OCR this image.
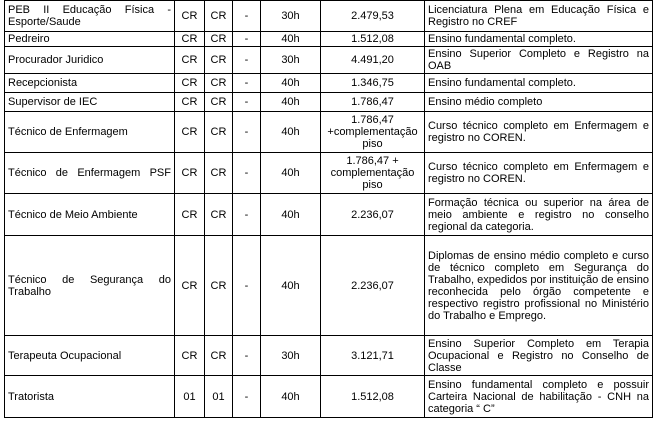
PEB II Educação Física - Esporte/Saude	CR	CR	-	30h	2.479,53	Licenciatura Plena em Educação Física e Registro no CREF
Pedreiro	CR	CR	-	40h	1.512,08	Ensino fundamental completo.
Procurador Juridico	CR	CR	-	30h	4.491,20	Ensino Superior Completo e Registro na OAB
Recepcionista	CR	CR	-	40h	1.346,75	Ensino fundamental completo.
Supervisor de IEC	CR	CR	-	40h	1.786,47	Ensino médio completo
Técnico de Enfermagem	CR	CR	-	40h	1.786,47 +complementação piso	Curso técnico completo em Enfermagem e registro no COREN.
Técnico de Enfermagem PSF	CR	CR	-	40h	1.786,47 + complementação piso	Curso técnico completo em Enfermagem e registro no COREN.
Técnico de Meio Ambiente	CR	CR	-	40h	2.236,07	Formação técnica ou superior na área de meio ambiente e registro no conselho regional da categoria.
Técnico de Segurança do Trabalho	CR	CR	-	40h	2.236,07	Diplomas de ensino médio completo e curso de técnico completo em Segurança do Trabalho, expedidos por instituição de ensino reconhecida pelo órgão competente e respectivo registro profissional no Ministério do Trabalho e Emprego.
Terapeuta Ocupacional	CR	CR	-	30h	3.121,71	Ensino Superior Completo em Terapia Ocupacional e Registro no Conselho de Classe
Tratorista	01	01	-	40h	1.512,08	Ensino fundamental completo e possuir Carteira Nacional de habilitação - CNH na categoria “ C”
